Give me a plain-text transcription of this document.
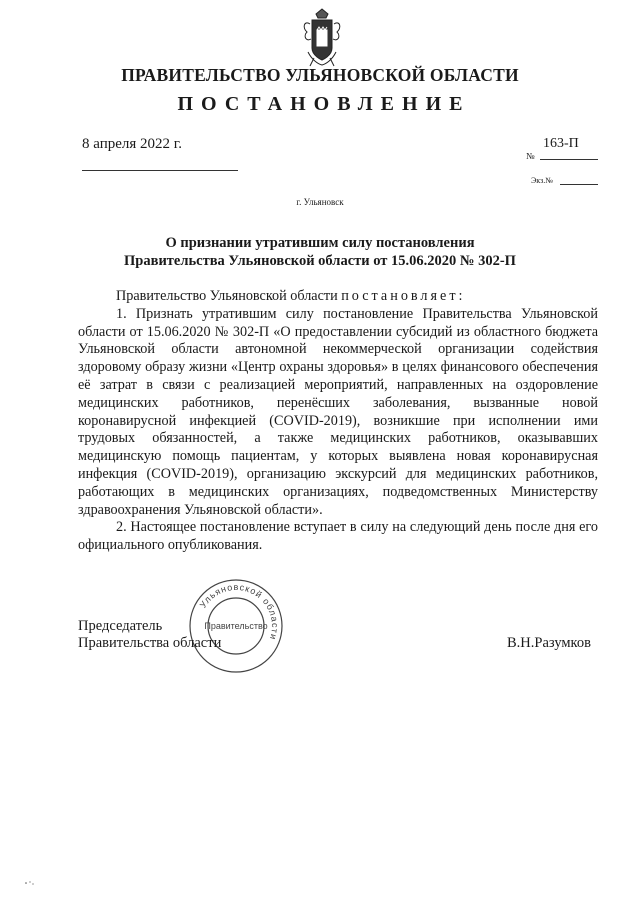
ПРАВИТЕЛЬСТВО УЛЬЯНОВСКОЙ ОБЛАСТИ
ПОСТАНОВЛЕНИЕ
8 апреля 2022 г.	163-П
№
Экз.№
г. Ульяновск
О признании утратившим силу постановления
Правительства Ульяновской области от 15.06.2020 № 302-П

Правительство Ульяновской области постановляет:

1. Признать утратившим силу постановление Правительства Ульяновской области от 15.06.2020 № 302-П «О предоставлении субсидий из областного бюджета Ульяновской области автономной некоммерческой организации содействия здоровому образу жизни «Центр охраны здоровья» в целях финансового обеспечения её затрат в связи с реализацией мероприятий, направленных на оздоровление медицинских работников, перенёсших заболевания, вызванные новой коронавирусной инфекцией (COVID-2019), возникшие при исполнении ими трудовых обязанностей, а также медицинских работников, оказывавших медицинскую помощь пациентам, у которых выявлена новая коронавирусная инфекция (COVID-2019), организацию экскурсий для медицинских работников, работающих в медицинских организациях, подведомственных Министерству здравоохранения Ульяновской области».

2. Настоящее постановление вступает в силу на следующий день после дня его официального опубликования.

Ульяновской области
Правительство
Председатель
Правительства области	В.Н.Разумков
